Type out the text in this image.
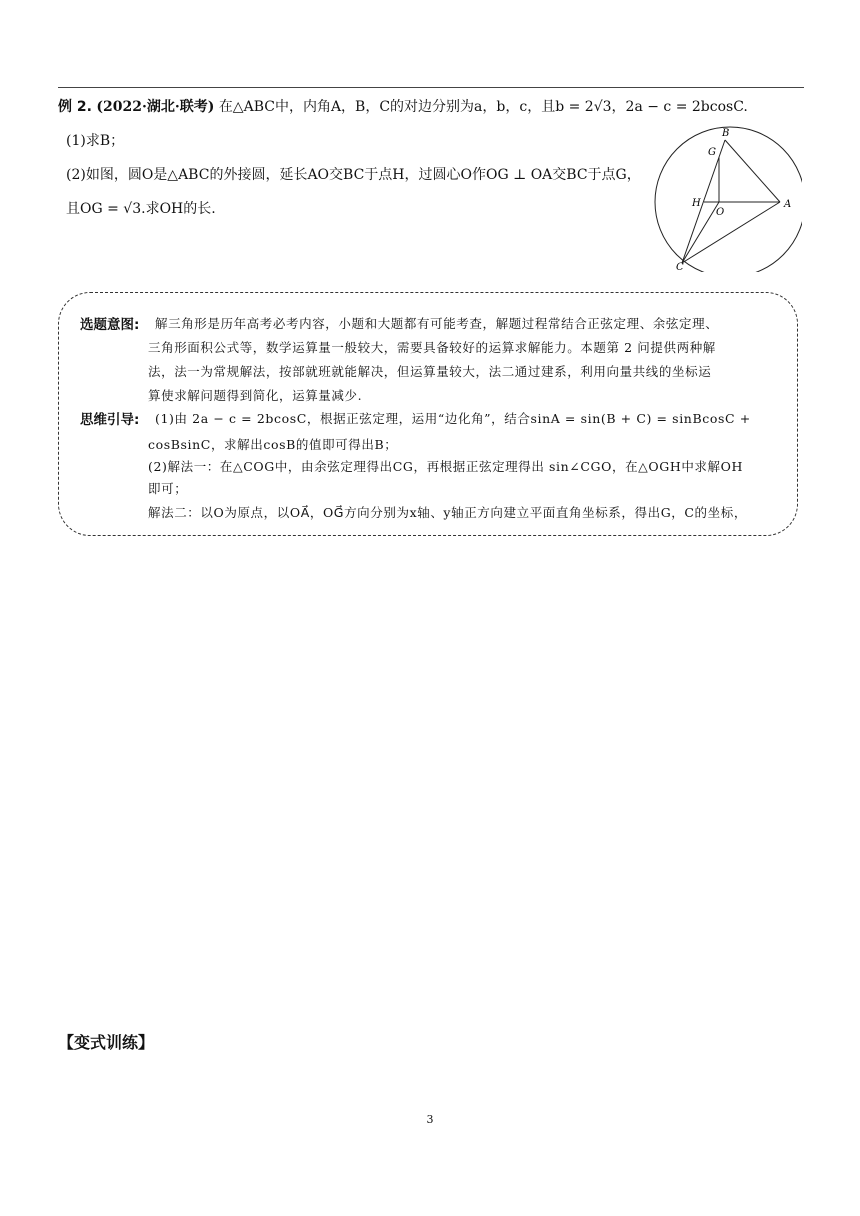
例 2. (2022·湖北·联考) 在△ABC中，内角A，B，C的对边分别为a，b，c，且b = 2√3，2a − c = 2bcosC.
(1)求B；
(2)如图，圆O是△ABC的外接圆，延长AO交BC于点H，过圆心O作OG ⊥ OA交BC于点G，
且OG = √3.求OH的长.
B
G
H
O
A
C
选题意图: 解三角形是历年高考必考内容，小题和大题都有可能考查，解题过程常结合正弦定理、余弦定理、
三角形面积公式等，数学运算量一般较大，需要具备较好的运算求解能力。本题第 2 问提供两种解
法，法一为常规解法，按部就班就能解决，但运算量较大，法二通过建系，利用向量共线的坐标运
算使求解问题得到简化，运算量减少.
思维引导: (1)由 2a − c = 2bcosC，根据正弦定理，运用“边化角”，结合sinA = sin(B + C) = sinBcosC +
cosBsinC，求解出cosB的值即可得出B；
(2)解法一：在△COG中，由余弦定理得出CG，再根据正弦定理得出 sin∠CGO，在△OGH中求解OH
即可；
解法二：以O为原点，以OA⃗，OG⃗方向分别为x轴、y轴正方向建立平面直角坐标系，得出G，C的坐标，
【变式训练】
3
